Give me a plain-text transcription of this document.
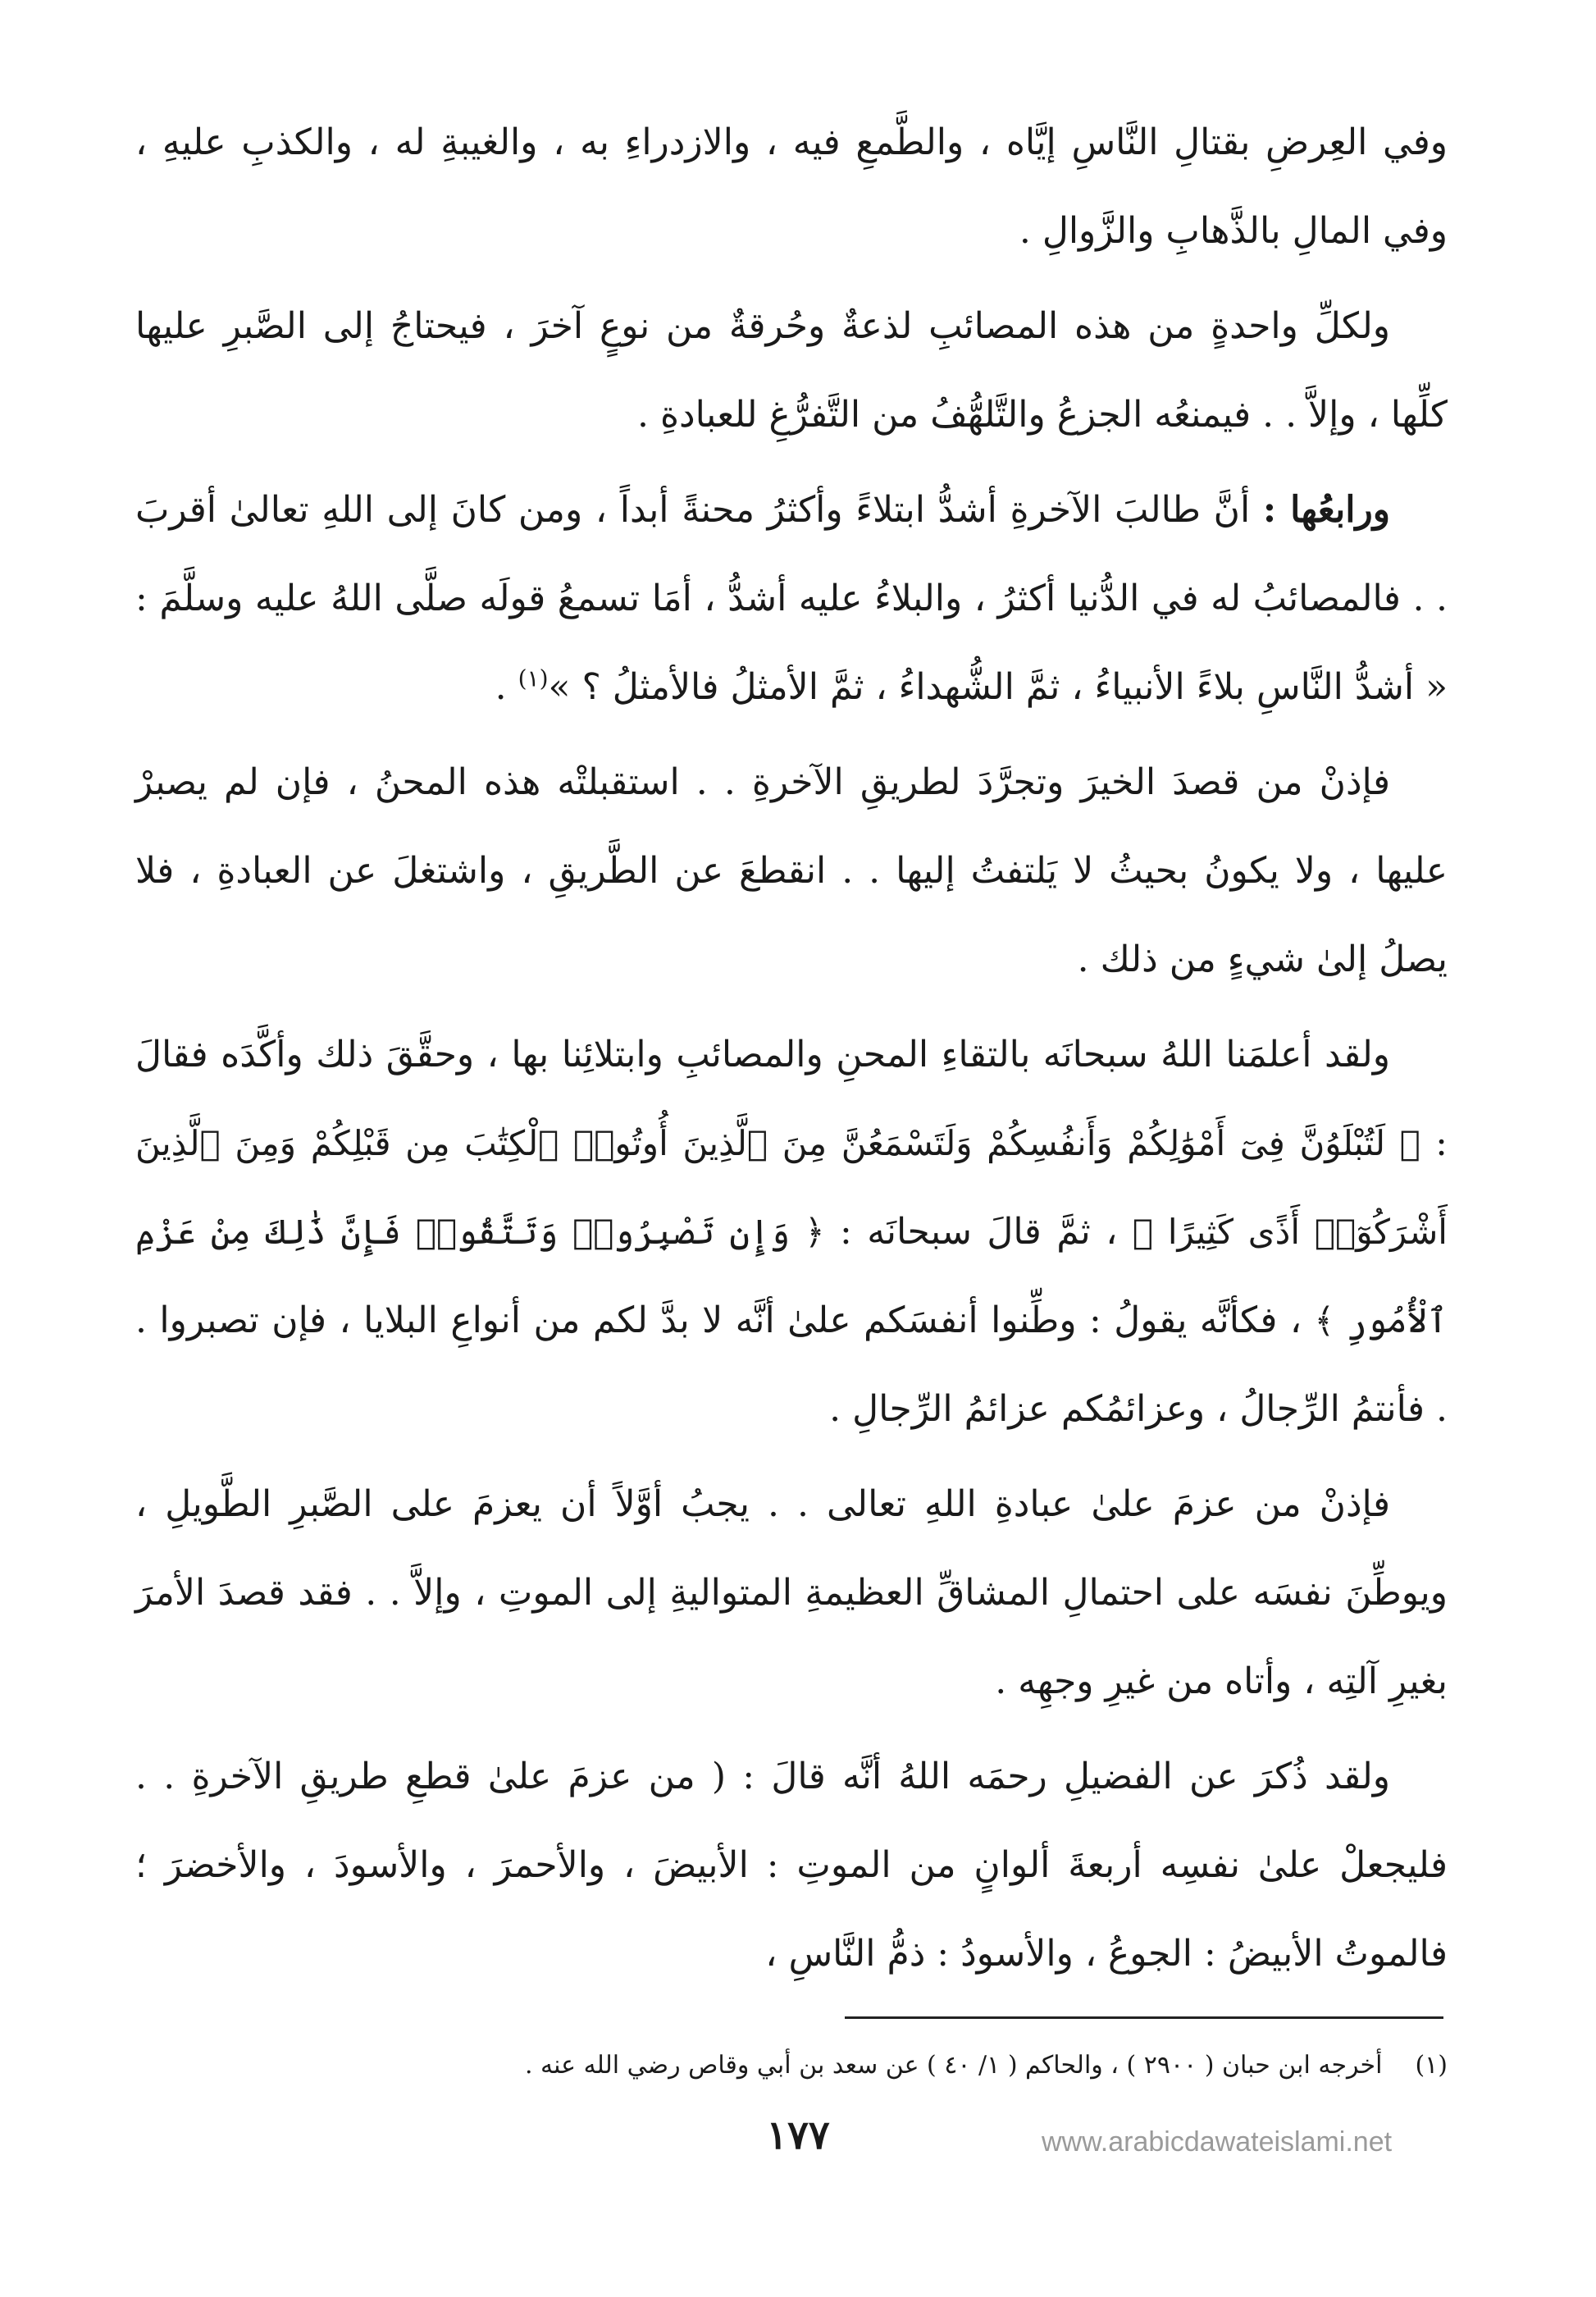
وفي العِرضِ بقتالِ النَّاسِ إيَّاه ، والطَّمعِ فيه ، والازدراءِ به ، والغيبةِ له ، والكذبِ عليهِ ، وفي المالِ بالذَّهابِ والزَّوالِ .

ولكلِّ واحدةٍ من هذه المصائبِ لذعةٌ وحُرقةٌ من نوعٍ آخرَ ، فيحتاجُ إلى الصَّبرِ عليها كلِّها ، وإلاَّ . . فيمنعُه الجزعُ والتَّلهُّفُ من التَّفرُّغِ للعبادةِ .

ورابعُها : أنَّ طالبَ الآخرةِ أشدُّ ابتلاءً وأكثرُ محنةً أبداً ، ومن كانَ إلى اللهِ تعالىٰ أقربَ . . فالمصائبُ له في الدُّنيا أكثرُ ، والبلاءُ عليه أشدُّ ، أمَا تسمعُ قولَه صلَّى اللهُ عليه وسلَّمَ : « أشدُّ النَّاسِ بلاءً الأنبياءُ ، ثمَّ الشُّهداءُ ، ثمَّ الأمثلُ فالأمثلُ ؟ »$^{(١)}$ .

فإذنْ من قصدَ الخيرَ وتجرَّدَ لطريقِ الآخرةِ . . استقبلتْه هذه المحنُ ، فإن لم يصبرْ عليها ، ولا يكونُ بحيثُ لا يَلتفتُ إليها . . انقطعَ عن الطَّريقِ ، واشتغلَ عن العبادةِ ، فلا يصلُ إلىٰ شيءٍ من ذلك .

ولقد أعلمَنا اللهُ سبحانَه بالتقاءِ المحنِ والمصائبِ وابتلائِنا بها ، وحقَّقَ ذلك وأكَّدَه فقالَ : ﴿ لَتُبْلَوُنَّ فِىٓ أَمْوَٰلِكُمْ وَأَنفُسِكُمْ وَلَتَسْمَعُنَّ مِنَ ٱلَّذِينَ أُوتُوا۟ ٱلْكِتَٰبَ مِن قَبْلِكُمْ وَمِنَ ٱلَّذِينَ أَشْرَكُوٓا۟ أَذًى كَثِيرًا ﴾ ، ثمَّ قالَ سبحانَه : ﴿ وَإِن تَصْبِرُوا۟ وَتَتَّقُوا۟ فَإِنَّ ذَٰلِكَ مِنْ عَزْمِ ٱلْأُمُورِ ﴾ ، فكأنَّه يقولُ : وطِّنوا أنفسَكم علىٰ أنَّه لا بدَّ لكم من أنواعِ البلايا ، فإن تصبروا . . فأنتمُ الرِّجالُ ، وعزائمُكم عزائمُ الرِّجالِ .

فإذنْ من عزمَ علىٰ عبادةِ اللهِ تعالى . . يجبُ أوَّلاً أن يعزمَ على الصَّبرِ الطَّويلِ ، ويوطِّنَ نفسَه على احتمالِ المشاقِّ العظيمةِ المتواليةِ إلى الموتِ ، وإلاَّ . . فقد قصدَ الأمرَ بغيرِ آلتِه ، وأتاه من غيرِ وجهِه .

ولقد ذُكرَ عن الفضيلِ رحمَه اللهُ أنَّه قالَ : ( من عزمَ علىٰ قطعِ طريقِ الآخرةِ . . فليجعلْ علىٰ نفسِه أربعةَ ألوانٍ من الموتِ : الأبيضَ ، والأحمرَ ، والأسودَ ، والأخضرَ ؛ فالموتُ الأبيضُ : الجوعُ ، والأسودُ : ذمُّ النَّاسِ ،

(١)أخرجه ابن حبان ( ٢٩٠٠ ) ، والحاكم ( ١/ ٤٠ ) عن سعد بن أبي وقاص رضي الله عنه .
١٧٧	www.arabicdawateislami.net
